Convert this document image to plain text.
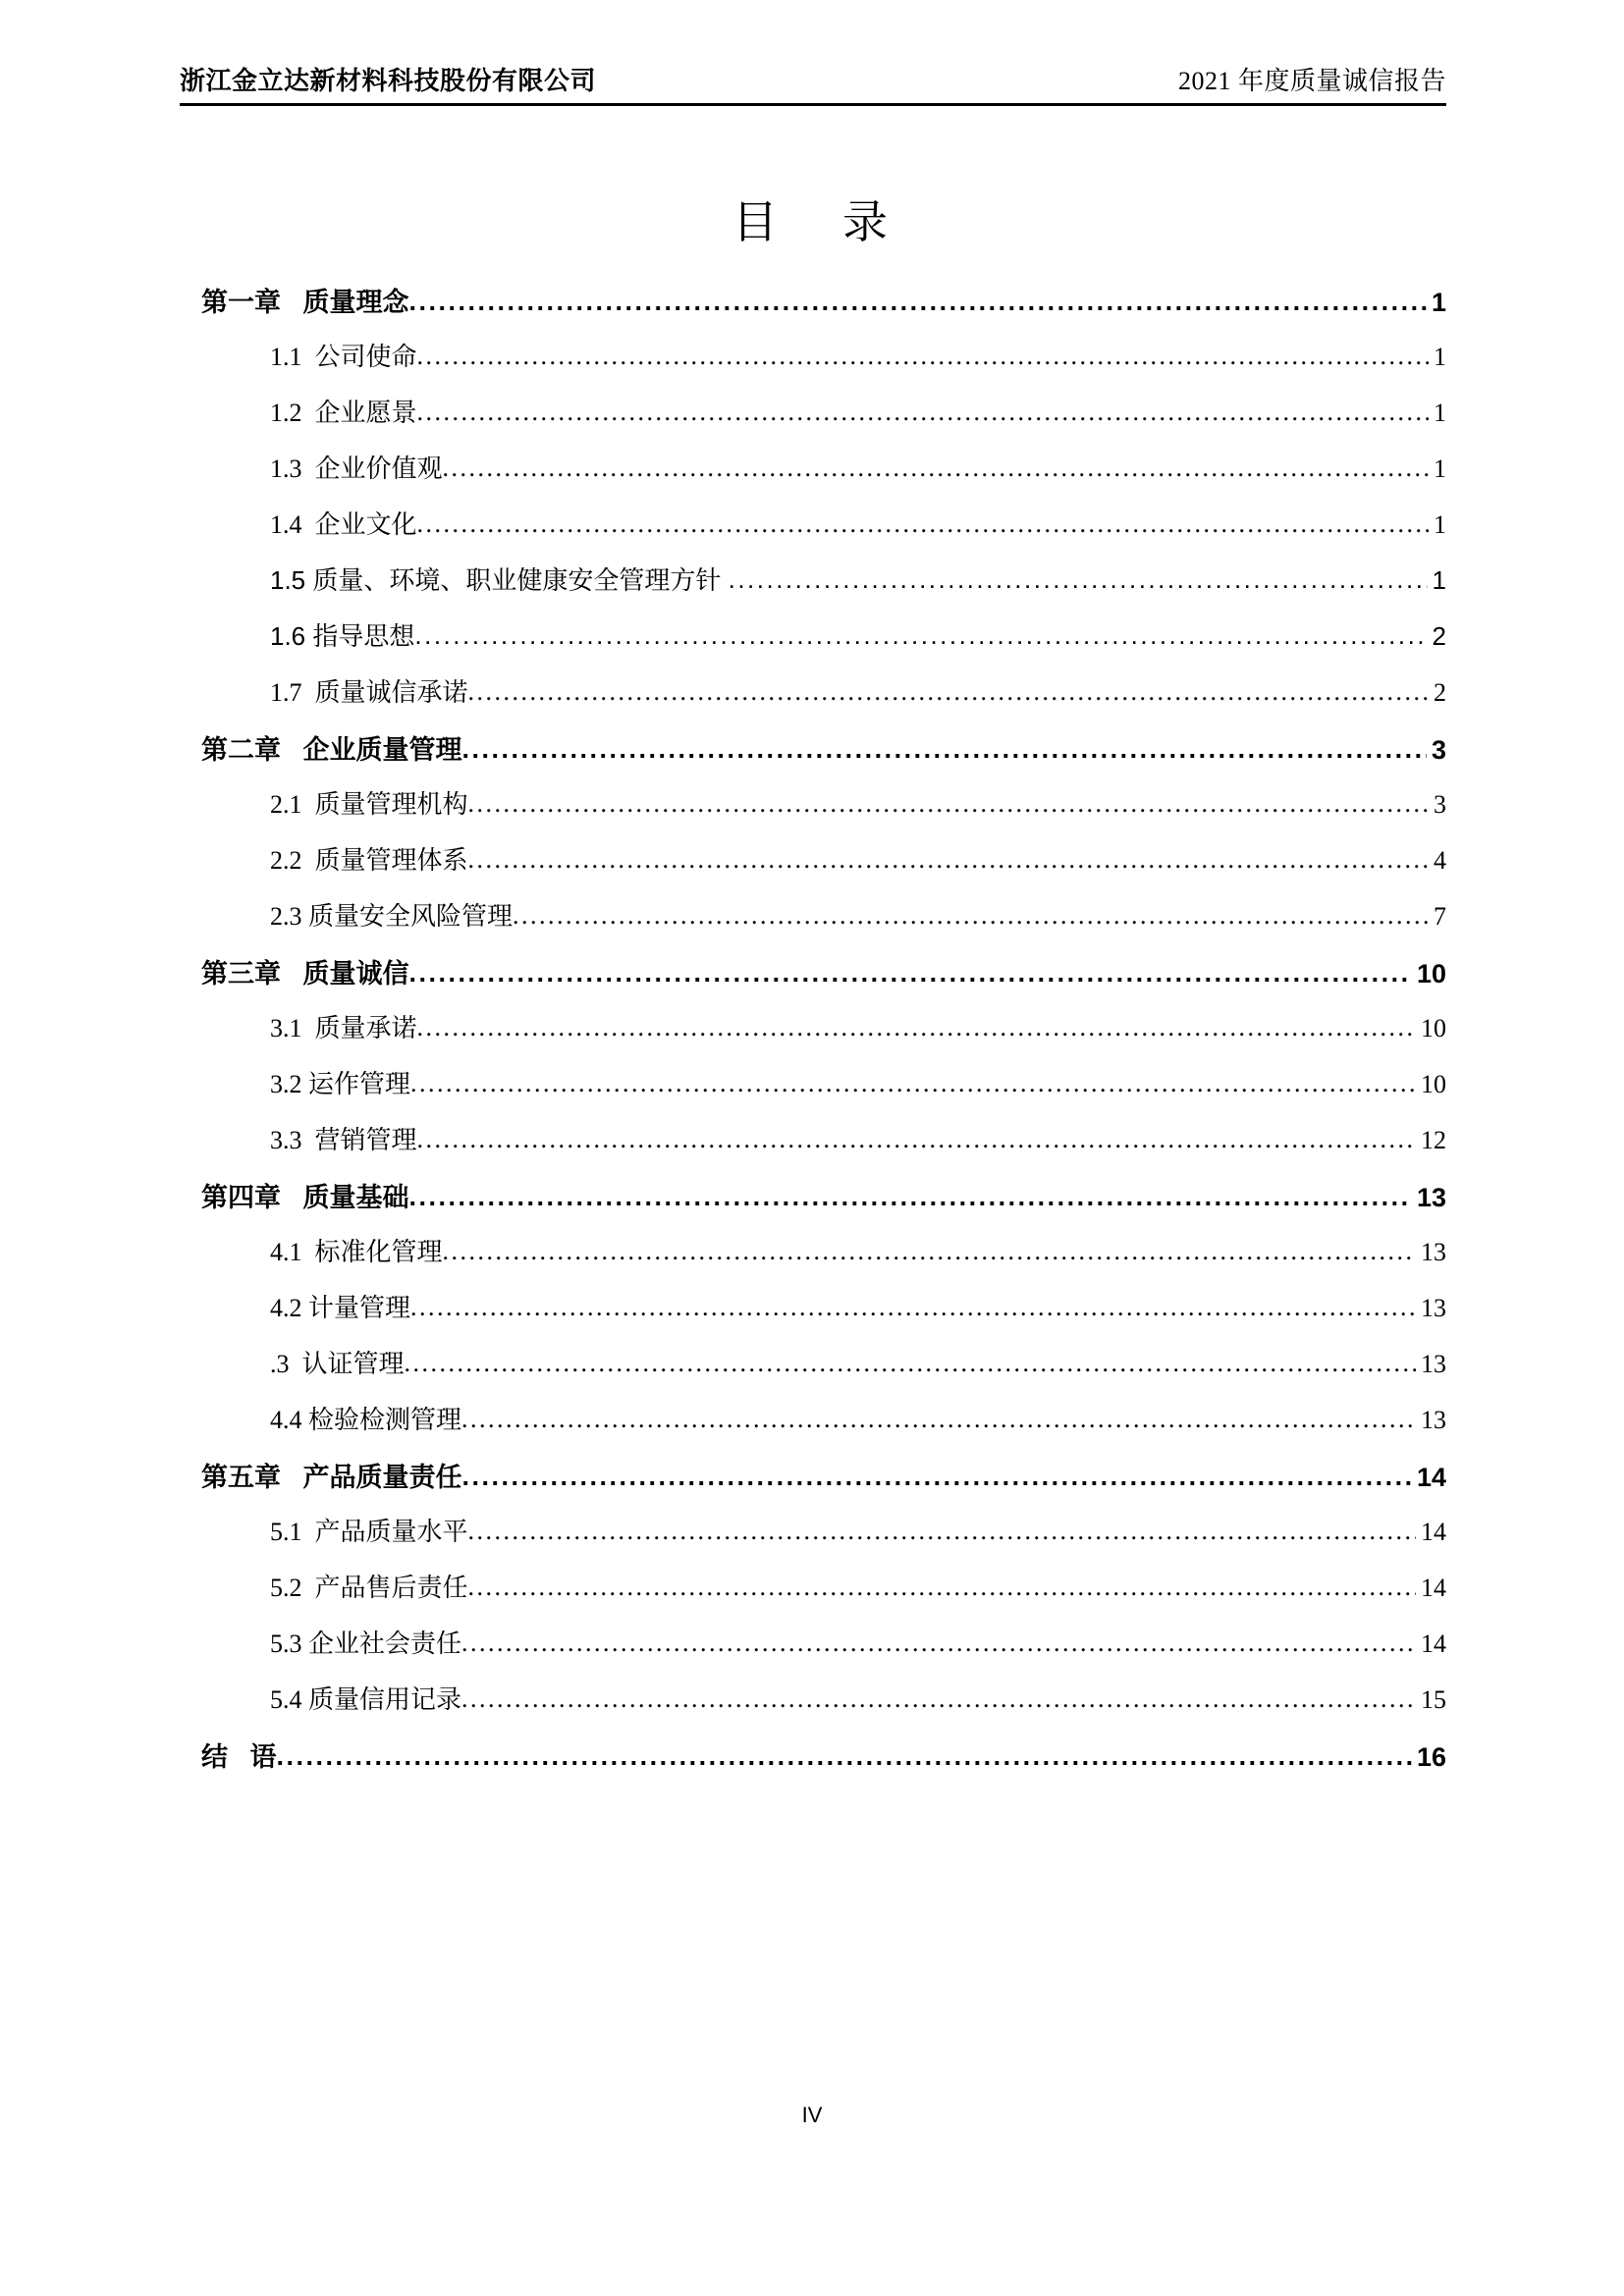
浙江金立达新材料科技股份有限公司	2021 年度质量诚信报告
目    录
第一章   质量理念 .....	1
1.1  公司使命 .....	1
1.2  企业愿景 .....	1
1.3  企业价值观 .....	1
1.4  企业文化 .....	1
1.5 质量、环境、职业健康安全管理方针 .....	1
1.6 指导思想 .....	2
1.7  质量诚信承诺 .....	2
第二章   企业质量管理 .....	3
2.1  质量管理机构 .....	3
2.2  质量管理体系 .....	4
2.3 质量安全风险管理 .....	7
第三章   质量诚信 .....	10
3.1  质量承诺 .....	10
3.2 运作管理 .....	10
3.3  营销管理 .....	12
第四章   质量基础 .....	13
4.1  标准化管理 .....	13
4.2 计量管理 .....	13
.3  认证管理 .....	13
4.4 检验检测管理 .....	13
第五章   产品质量责任 .....	14
5.1  产品质量水平 .....	14
5.2  产品售后责任 .....	14
5.3 企业社会责任 .....	14
5.4 质量信用记录 .....	15
结   语 .....	16
IV
